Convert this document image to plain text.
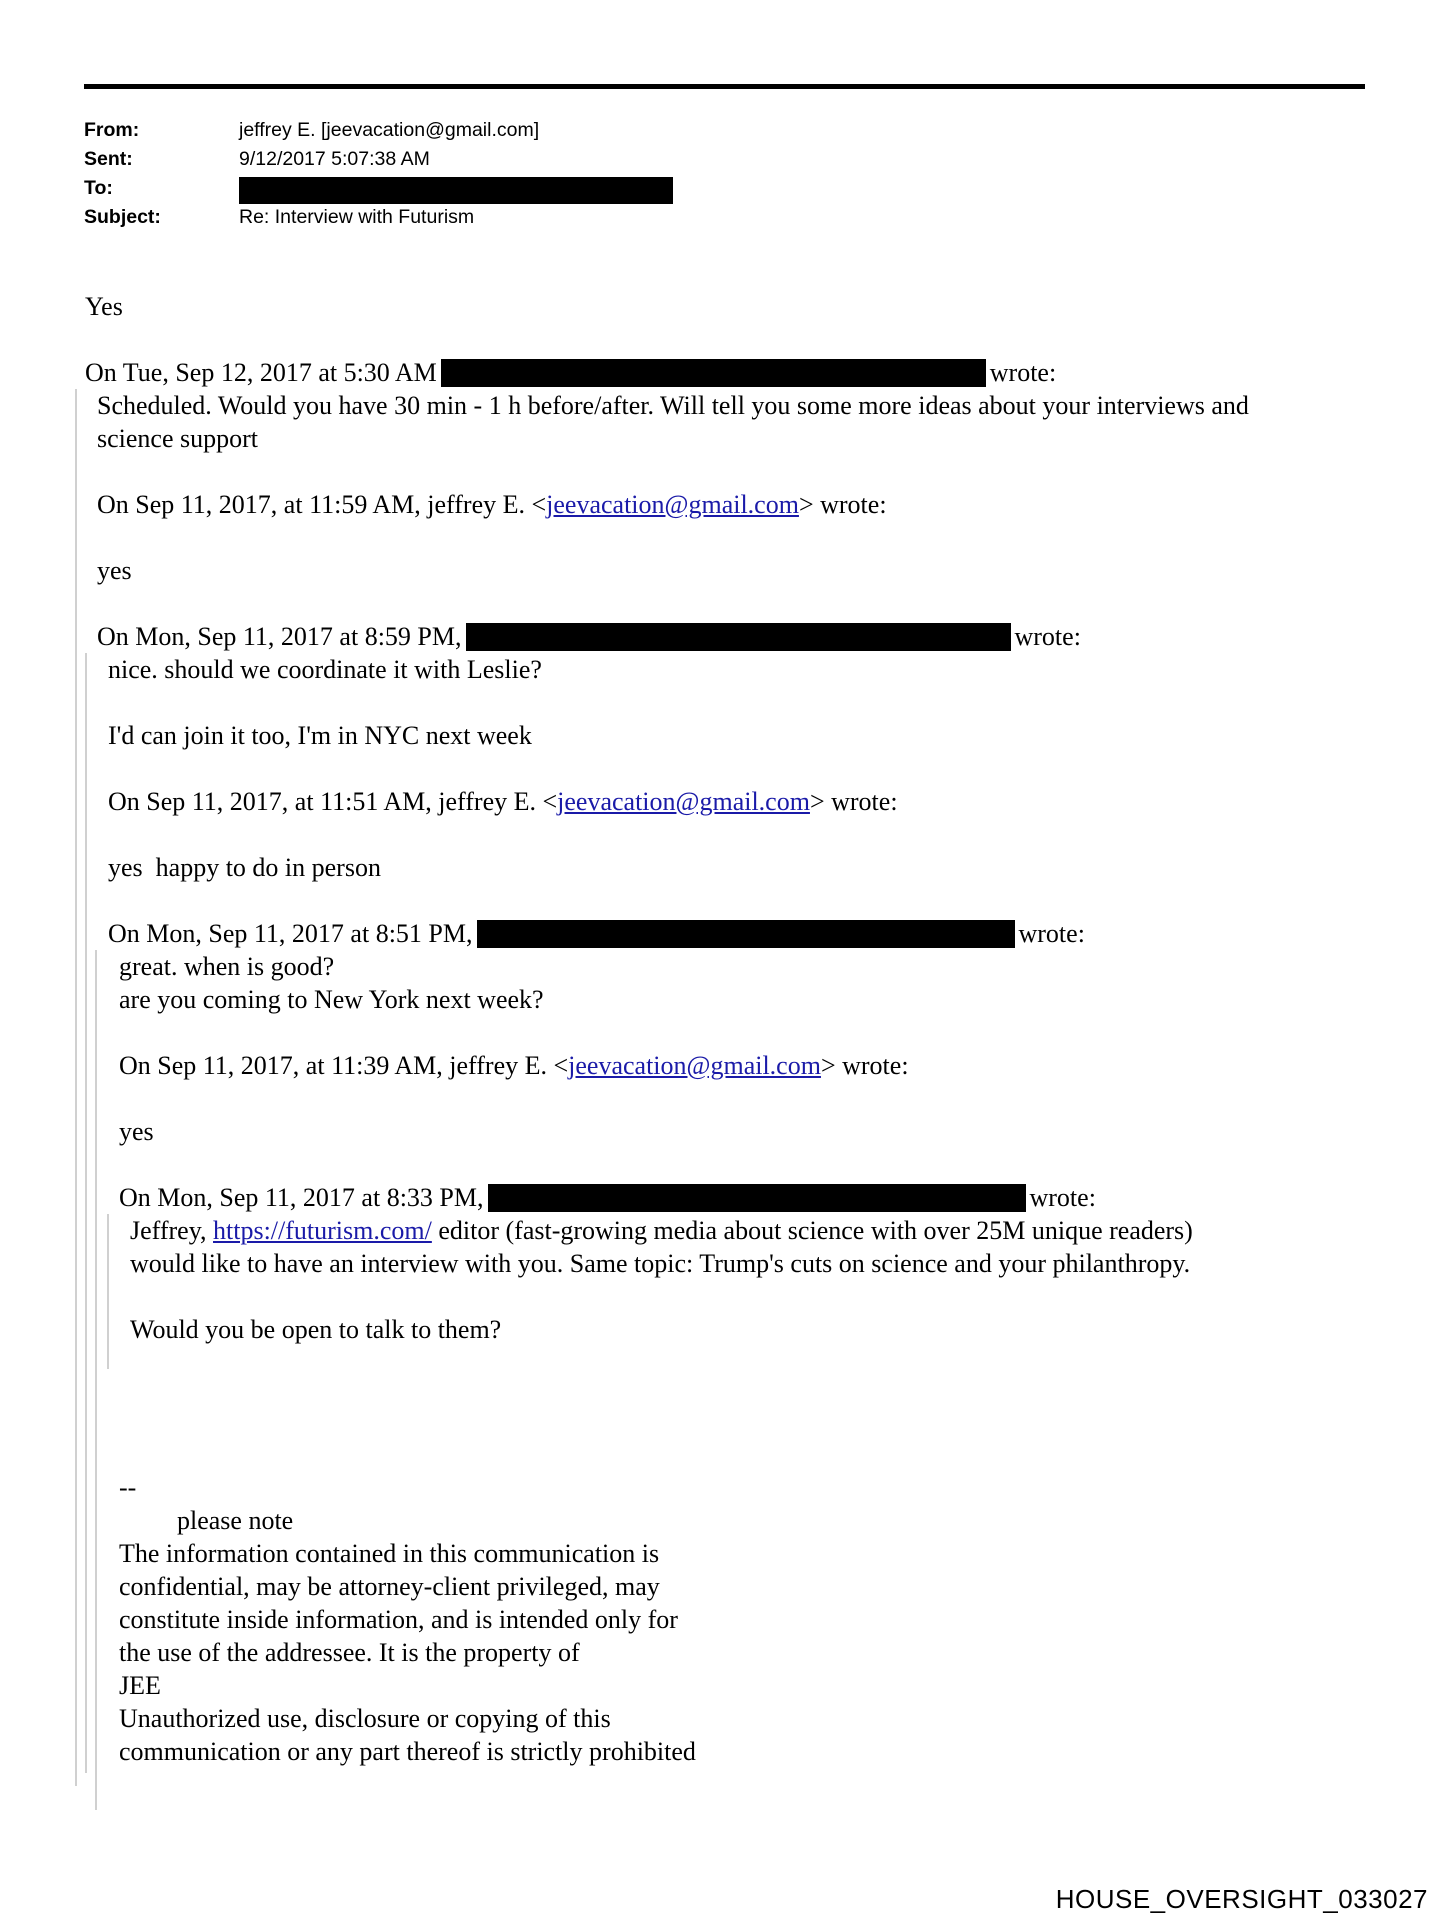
From:	jeffrey E. [jeevacation@gmail.com]
Sent:	9/12/2017 5:07:38 AM
To:
Subject:	Re: Interview with Futurism
Yes
On Tue, Sep 12, 2017 at 5:30 AM	wrote:
Scheduled. Would you have 30 min - 1 h before/after. Will tell you some more ideas about your interviews and
science support
On Sep 11, 2017, at 11:59 AM, jeffrey E. <jeevacation@gmail.com> wrote:
yes
On Mon, Sep 11, 2017 at 8:59 PM,	wrote:
nice. should we coordinate it with Leslie?
I'd can join it too, I'm in NYC next week
On Sep 11, 2017, at 11:51 AM, jeffrey E. <jeevacation@gmail.com> wrote:
yes  happy to do in person
On Mon, Sep 11, 2017 at 8:51 PM,	wrote:
great. when is good?
are you coming to New York next week?
On Sep 11, 2017, at 11:39 AM, jeffrey E. <jeevacation@gmail.com> wrote:
yes
On Mon, Sep 11, 2017 at 8:33 PM,	wrote:
Jeffrey, https://futurism.com/ editor (fast-growing media about science with over 25M unique readers)
would like to have an interview with you. Same topic: Trump's cuts on science and your philanthropy.
Would you be open to talk to them?
--
please note
The information contained in this communication is
confidential, may be attorney-client privileged, may
constitute inside information, and is intended only for
the use of the addressee. It is the property of
JEE
Unauthorized use, disclosure or copying of this
communication or any part thereof is strictly prohibited
HOUSE_OVERSIGHT_033027
